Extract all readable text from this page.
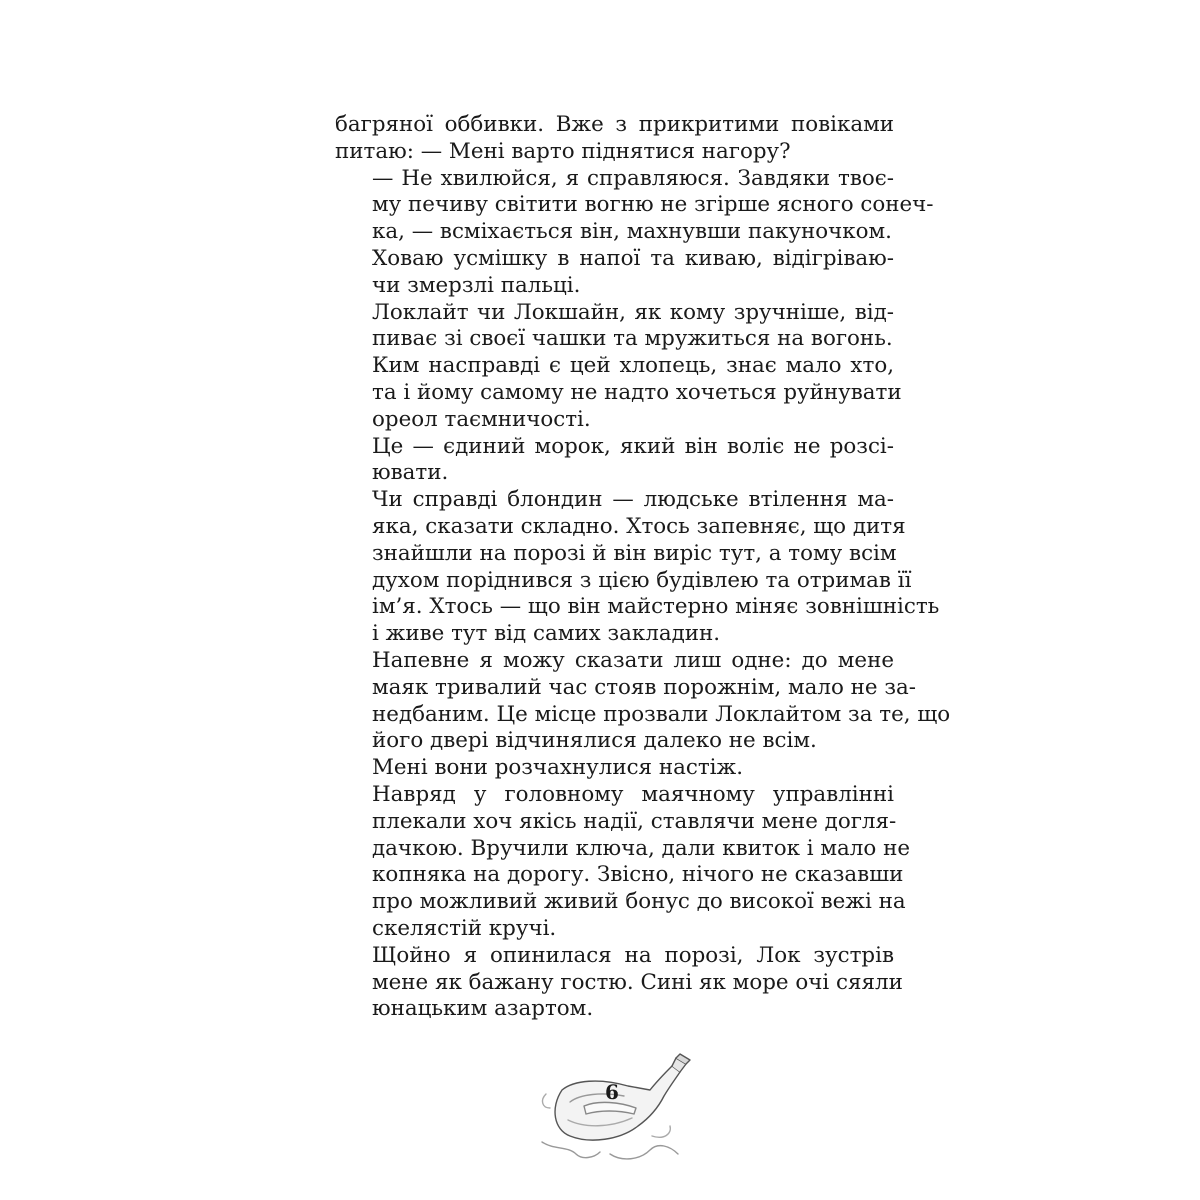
багряної оббивки. Вже з прикритими повіками
питаю: — Мені варто піднятися нагору?

— Не хвилюйся, я справляюся. Завдяки твоє-
му печиву світити вогню не згірше ясного сонеч-
ка, — всміхається він, махнувши пакуночком.

Ховаю усмішку в напої та киваю, відігріваю-
чи змерзлі пальці.

Локлайт чи Локшайн, як кому зручніше, від-
пиває зі своєї чашки та мружиться на вогонь.

Ким насправді є цей хлопець, знає мало хто,
та і йому самому не надто хочеться руйнувати
ореол таємничості.

Це — єдиний морок, який він воліє не розсі-
ювати.

Чи справді блондин — людське втілення ма-
яка, сказати складно. Хтось запевняє, що дитя
знайшли на порозі й він виріс тут, а тому всім
духом поріднився з цією будівлею та отримав її
ім’я. Хтось — що він майстерно міняє зовнішність
і живе тут від самих закладин.

Напевне я можу сказати лиш одне: до мене
маяк тривалий час стояв порожнім, мало не за-
недбаним. Це місце прозвали Локлайтом за те, що
його двері відчинялися далеко не всім.

Мені вони розчахнулися настіж.

Навряд у головному маячному управлінні
плекали хоч якісь надії, ставлячи мене догля-
дачкою. Вручили ключа, дали квиток і мало не
копняка на дорогу. Звісно, нічого не сказавши
про можливий живий бонус до високої вежі на
скелястій кручі.

Щойно я опинилася на порозі, Лок зустрів
мене як бажану гостю. Сині як море очі сяяли
юнацьким азартом.

6
